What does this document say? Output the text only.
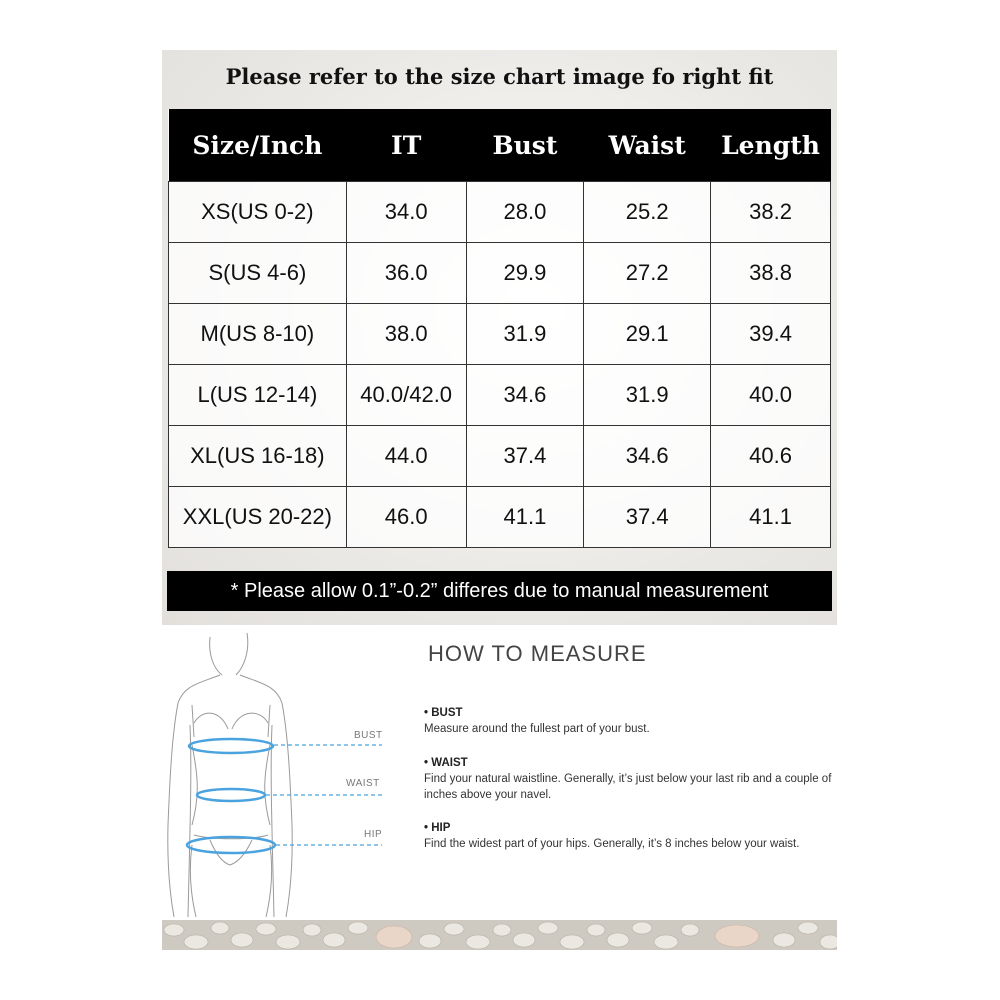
Please refer to the size chart image fo right fit
Size/Inch	IT	Bust	Waist	Length
XS(US 0-2)	34.0	28.0	25.2	38.2
S(US 4-6)	36.0	29.9	27.2	38.8
M(US 8-10)	38.0	31.9	29.1	39.4
L(US 12-14)	40.0/42.0	34.6	31.9	40.0
XL(US 16-18)	44.0	37.4	34.6	40.6
XXL(US 20-22)	46.0	41.1	37.4	41.1
* Please allow 0.1”-0.2” differes due to manual measurement
HOW TO MEASURE
BUST
WAIST
HIP
• BUST
Measure around the fullest part of your bust.
• WAIST
Find your natural waistline. Generally, it’s just below your last rib and a couple of inches above your navel.
• HIP
Find the widest part of your hips. Generally, it’s 8 inches below your waist.
